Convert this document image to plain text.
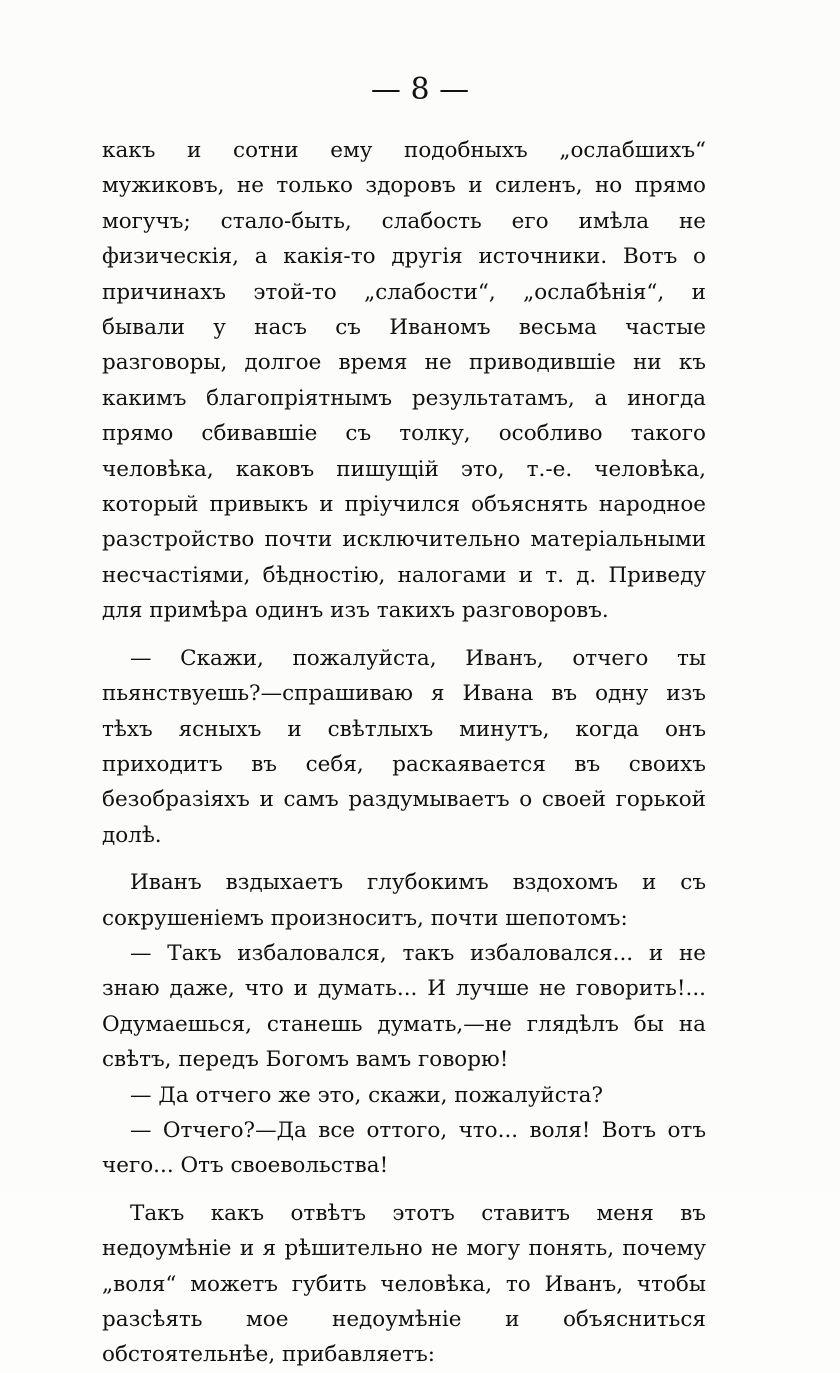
— 8 —

какъ и сотни ему подобныхъ „ослабшихъ“ мужиковъ, не только здоровъ и силенъ, но прямо могучъ; стало-быть, слабость его имѣла не физическія, а какія-то другія источники. Вотъ о причинахъ этой-то „слабости“, „ослабѣнія“, и бывали у насъ съ Иваномъ весьма частые разговоры, долгое время не приводившіе ни къ какимъ благопріятнымъ результатамъ, а иногда прямо сбивавшіе съ толку, особливо такого человѣка, каковъ пишущій это, т.-е. человѣка, который привыкъ и пріучился объяснять народное разстройство почти исключительно матеріальными несчастіями, бѣдностію, налогами и т. д. Приведу для примѣра одинъ изъ такихъ разговоровъ.

— Скажи, пожалуйста, Иванъ, отчего ты пьянствуешь?—спрашиваю я Ивана въ одну изъ тѣхъ ясныхъ и свѣтлыхъ минутъ, когда онъ приходитъ въ себя, раскаявается въ своихъ безобразіяхъ и самъ раздумываетъ о своей горькой долѣ.

Иванъ вздыхаетъ глубокимъ вздохомъ и съ сокрушеніемъ произноситъ, почти шепотомъ:

— Такъ избаловался, такъ избаловался... и не знаю даже, что и думать... И лучше не говорить!... Одумаешься, станешь думать,—не глядѣлъ бы на свѣтъ, передъ Богомъ вамъ говорю!

— Да отчего же это, скажи, пожалуйста?

— Отчего?—Да все оттого, что... воля! Вотъ отъ чего... Отъ своевольства!

Такъ какъ отвѣтъ этотъ ставитъ меня въ недоумѣніе и я рѣшительно не могу понять, почему „воля“ можетъ губить человѣка, то Иванъ, чтобы разсѣять мое недоумѣніе и объясниться обстоятельнѣе, прибавляетъ:
